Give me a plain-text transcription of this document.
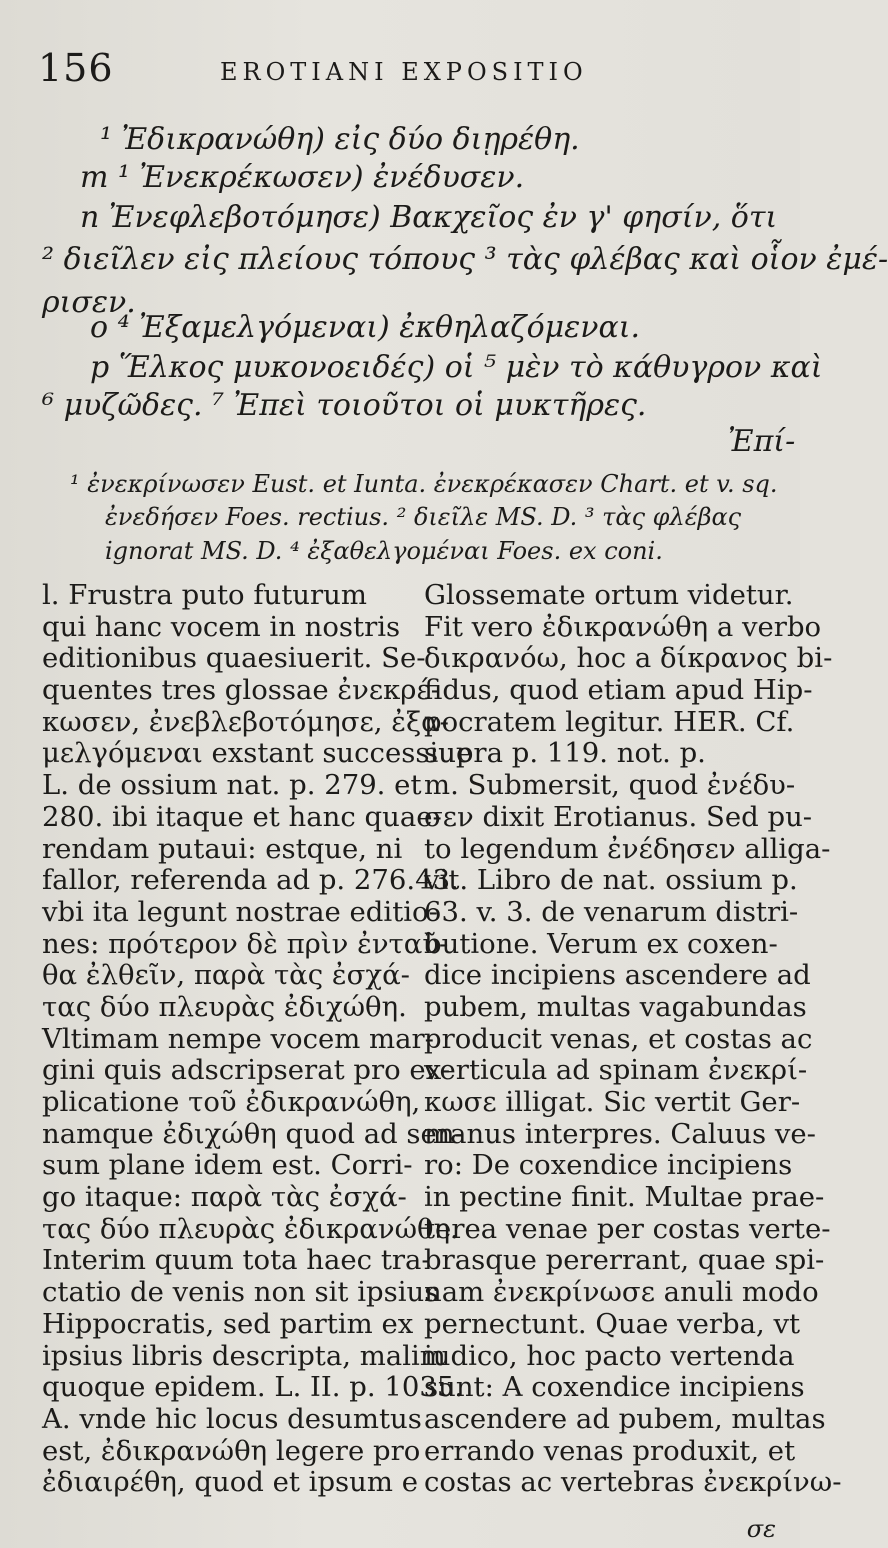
156	EROTIANI EXPOSITIO
¹ Ἐδικρανώθη) εἰς δύο διῃρέθη.
m ¹ Ἐνεκρέκωσεν) ἐνέδυσεν.
n Ἐνεφλεβοτόμησε) Βακχεῖος ἐν γ' φησίν, ὅτι
² διεῖλεν εἰς πλείους τόπους ³ τὰς φλέβας καὶ οἷον ἐμέ-
ρισεν.
o ⁴ Ἐξαμελγόμεναι) ἐκθηλαζόμεναι.
p Ἕλκος μυκονοειδές) οἱ ⁵ μὲν τὸ κάθυγρον καὶ
⁶ μυζῶδες. ⁷ Ἐπεὶ τοιοῦτοι οἱ μυκτῆρες.
Ἐπί-
¹ ἐνεκρίνωσεν Eust. et Iunta. ἐνεκρέκασεν Chart. et v. sq.
ἐνεδήσεν Foes. rectius. ² διεῖλε MS. D. ³ τὰς φλέβας
ignorat MS. D. ⁴ ἐξαθελγομέναι Foes. ex coni.
l. Frustra puto futurum
qui hanc vocem in nostris
editionibus quaesiuerit. Se-
quentes tres glossae ἐνεκρέ-
κωσεν, ἐνεβλεβοτόμησε, ἐξα-
μελγόμεναι exstant successiue
L. de ossium nat. p. 279. et
280. ibi itaque et hanc quae-
rendam putaui: estque, ni
fallor, referenda ad p. 276.43.
vbi ita legunt nostrae editio-
nes: πρότερον δὲ πρὶν ἐνταῦ-
θα ἐλθεῖν, παρὰ τὰς ἐσχά-
τας δύο πλευρὰς ἐδιχώθη.
Vltimam nempe vocem mar-
gini quis adscripserat pro ex-
plicatione τοῦ ἐδικρανώθη,
namque ἐδιχώθη quod ad sen-
sum plane idem est. Corri-
go itaque: παρὰ τὰς ἐσχά-
τας δύο πλευρὰς ἐδικρανώθη.
Interim quum tota haec tra-
ctatio de venis non sit ipsius
Hippocratis, sed partim ex
ipsius libris descripta, malim
quoque epidem. L. II. p. 1035.
A. vnde hic locus desumtus
est, ἐδικρανώθη legere pro
ἐδιαιρέθη, quod et ipsum e
Glossemate ortum videtur.
Fit vero ἐδικρανώθη a verbo
δικρανόω, hoc a δίκρανος bi-
fidus, quod etiam apud Hip-
pocratem legitur. HER. Cf.
supra p. 119. not. p.
m. Submersit, quod ἐνέδυ-
σεν dixit Erotianus. Sed pu-
to legendum ἐνέδησεν alliga-
vit. Libro de nat. ossium p.
63. v. 3. de venarum distri-
butione. Verum ex coxen-
dice incipiens ascendere ad
pubem, multas vagabundas
producit venas, et costas ac
verticula ad spinam ἐνεκρί-
κωσε illigat. Sic vertit Ger-
manus interpres. Caluus ve-
ro: De coxendice incipiens
in pectine finit. Multae prae-
terea venae per costas verte-
brasque pererrant, quae spi-
nam ἐνεκρίνωσε anuli modo
pernectunt. Quae verba, vt
iudico, hoc pacto vertenda
sunt: A coxendice incipiens
ascendere ad pubem, multas
errando venas produxit, et
costas ac vertebras ἐνεκρίνω-
σε
